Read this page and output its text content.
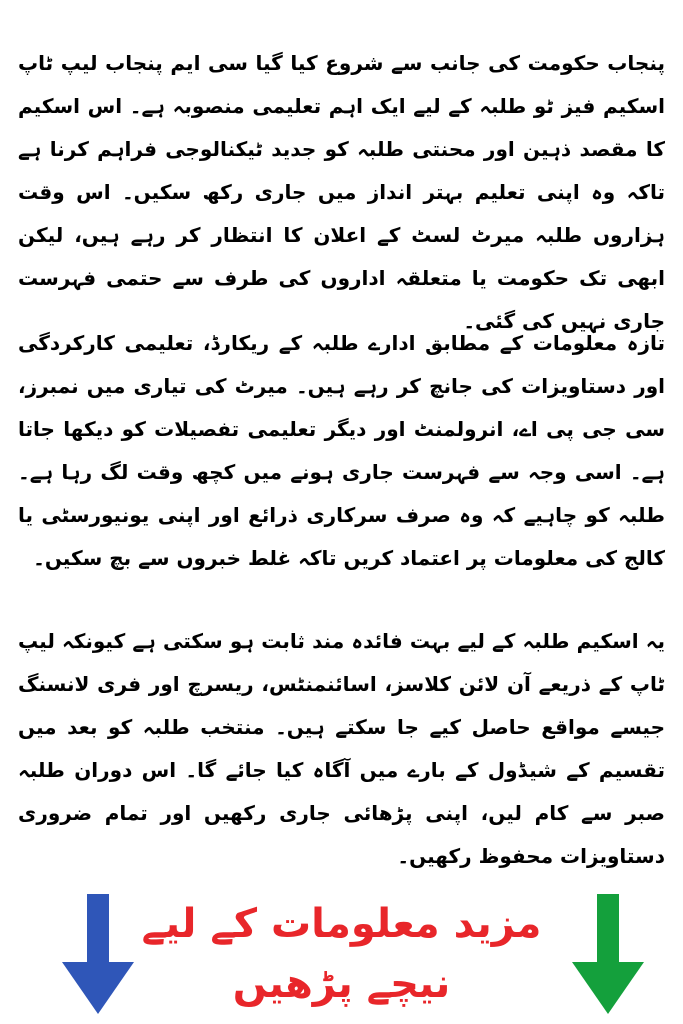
پنجاب حکومت کی جانب سے شروع کیا گیا سی ایم پنجاب لیپ ٹاپ اسکیم فیز ٹو طلبہ کے لیے ایک اہم تعلیمی منصوبہ ہے۔ اس اسکیم کا مقصد ذہین اور محنتی طلبہ کو جدید ٹیکنالوجی فراہم کرنا ہے تاکہ وہ اپنی تعلیم بہتر انداز میں جاری رکھ سکیں۔ اس وقت ہزاروں طلبہ میرٹ لسٹ کے اعلان کا انتظار کر رہے ہیں، لیکن ابھی تک حکومت یا متعلقہ اداروں کی طرف سے حتمی فہرست جاری نہیں کی گئی۔

تازہ معلومات کے مطابق ادارے طلبہ کے ریکارڈ، تعلیمی کارکردگی اور دستاویزات کی جانچ کر رہے ہیں۔ میرٹ کی تیاری میں نمبرز، سی جی پی اے، انرولمنٹ اور دیگر تعلیمی تفصیلات کو دیکھا جاتا ہے۔ اسی وجہ سے فہرست جاری ہونے میں کچھ وقت لگ رہا ہے۔ طلبہ کو چاہیے کہ وہ صرف سرکاری ذرائع اور اپنی یونیورسٹی یا کالج کی معلومات پر اعتماد کریں تاکہ غلط خبروں سے بچ سکیں۔

یہ اسکیم طلبہ کے لیے بہت فائدہ مند ثابت ہو سکتی ہے کیونکہ لیپ ٹاپ کے ذریعے آن لائن کلاسز، اسائنمنٹس، ریسرچ اور فری لانسنگ جیسے مواقع حاصل کیے جا سکتے ہیں۔ منتخب طلبہ کو بعد میں تقسیم کے شیڈول کے بارے میں آگاہ کیا جائے گا۔ اس دوران طلبہ صبر سے کام لیں، اپنی پڑھائی جاری رکھیں اور تمام ضروری دستاویزات محفوظ رکھیں۔

مزید معلومات کے لیے

نیچے پڑھیں
